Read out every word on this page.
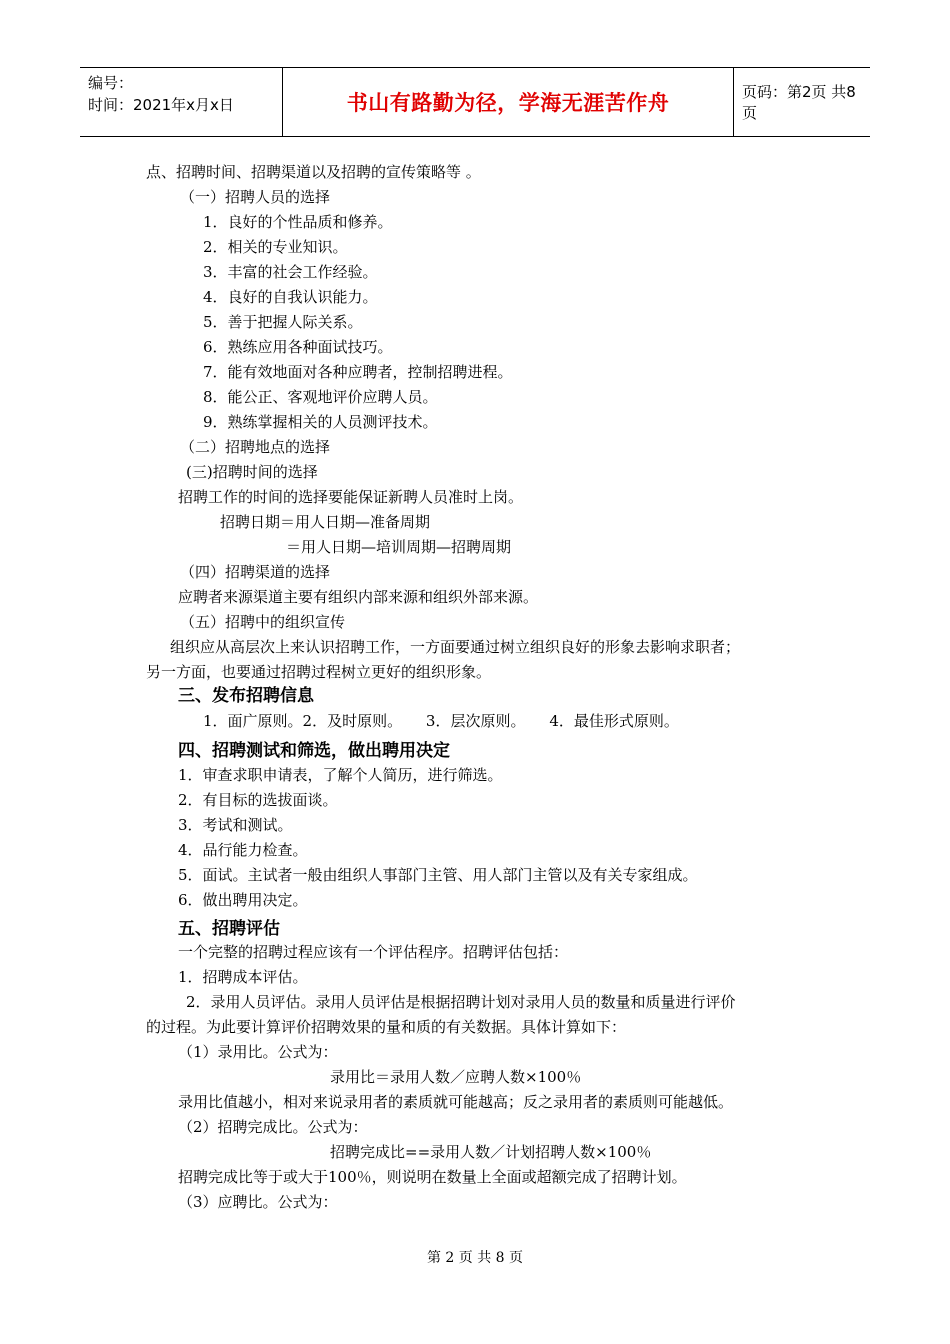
编号：
时间：2021年x月x日	书山有路勤为径，学海无涯苦作舟	页码：第2页 共8页
点、招聘时间、招聘渠道以及招聘的宣传策略等 。
（一）招聘人员的选择
1．良好的个性品质和修养。
2．相关的专业知识。
3．丰富的社会工作经验。
4．良好的自我认识能力。
5．善于把握人际关系。
6．熟练应用各种面试技巧。
7．能有效地面对各种应聘者，控制招聘进程。
8．能公正、客观地评价应聘人员。
9．熟练掌握相关的人员测评技术。
（二）招聘地点的选择
(三)招聘时间的选择
招聘工作的时间的选择要能保证新聘人员准时上岗。
招聘日期＝用人日期—准备周期
＝用人日期—培训周期—招聘周期
（四）招聘渠道的选择
应聘者来源渠道主要有组织内部来源和组织外部来源。
（五）招聘中的组织宣传
组织应从高层次上来认识招聘工作，一方面要通过树立组织良好的形象去影响求职者；
另一方面，也要通过招聘过程树立更好的组织形象。
三、发布招聘信息
1．面广原则。2．及时原则。     3．层次原则。     4．最佳形式原则。
四、招聘测试和筛选，做出聘用决定
1．审查求职申请表，了解个人简历，进行筛选。
2．有目标的选拔面谈。
3．考试和测试。
4．品行能力检查。
5．面试。主试者一般由组织人事部门主管、用人部门主管以及有关专家组成。
6．做出聘用决定。
五、招聘评估
一个完整的招聘过程应该有一个评估程序。招聘评估包括：
1．招聘成本评估。
2．录用人员评估。录用人员评估是根据招聘计划对录用人员的数量和质量进行评价
的过程。为此要计算评价招聘效果的量和质的有关数据。具体计算如下：
（1）录用比。公式为：
录用比＝录用人数／应聘人数×100％
录用比值越小，相对来说录用者的素质就可能越高；反之录用者的素质则可能越低。
（2）招聘完成比。公式为：
招聘完成比==录用人数／计划招聘人数×100％
招聘完成比等于或大于100％，则说明在数量上全面或超额完成了招聘计划。
（3）应聘比。公式为：
第 2 页 共 8 页
